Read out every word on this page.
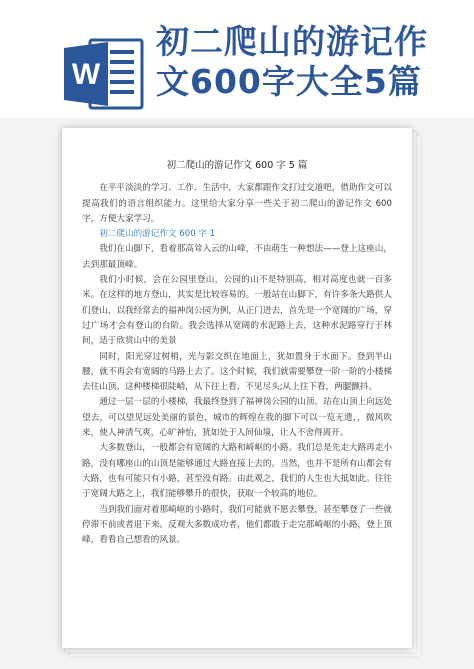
W
初二爬山的游记作
文600字大全5篇
初二爬山的游记作文 600 字 5 篇

在平平淡淡的学习、工作、生活中，大家都跟作文打过交道吧，借助作文可以提高我们的语言组织能力。这里给大家分享一些关于初二爬山的游记作文 600 字，方便大家学习。

初二爬山的游记作文 600 字 1

我们在山脚下，看着那高耸入云的山峰，不由萌生一种想法——登上这座山，去到那最顶峰。

我们小时候，会在公园里登山，公园的山不是特别高，相对高度也就一百多米。在这样的地方登山，其实是比较容易的。一般站在山脚下，有许多条大路供人们登山，以我经常去的福神岗公园为例，从正门进去，首先是一个宽阔的广场，穿过广场才会有登山的台阶。我会选择从宽阔的水泥路上去，这种水泥路穿行于林间，适于欣赏山中的美景

同时，阳光穿过树梢，光与影交织在地面上，犹如置身于水面下。登到半山腰，就不再会有宽阔的马路上去了。这个时候，我们就需要攀登一阶一阶的小楼梯去往山顶。这种楼梯很陡峭，从下往上看，不见尽头;从上往下看，两腿颤抖。

通过一层一层的小楼梯，我最终登到了福神岗公园的山顶。站在山顶上向远处望去，可以望见远处美丽的景色，城市的辉煌在我的脚下可以一览无遗，，微风吹来，使人神清气爽，心旷神怡，犹如处于人间仙境，让人不舍得离开。

大多数登山，一般都会有宽阔的大路和崎岖的小路。我们总是先走大路再走小路，没有哪座山的山顶是能够通过大路直接上去的。当然，也并不是所有山都会有大路，也有可能只有小路，甚至没有路。由此观之，我们的人生也大抵如此。往往于宽阔大路之上，我们能够攀升的很快，获取一个较高的地位。

当到我们面对着那崎岖的小路时，我们可能就不愿去攀登，甚至攀登了一些就停滞不前或者退下来。反观大多数成功者，他们都敢于走完那崎岖的小路，登上顶峰，看看自己想看的风景。
